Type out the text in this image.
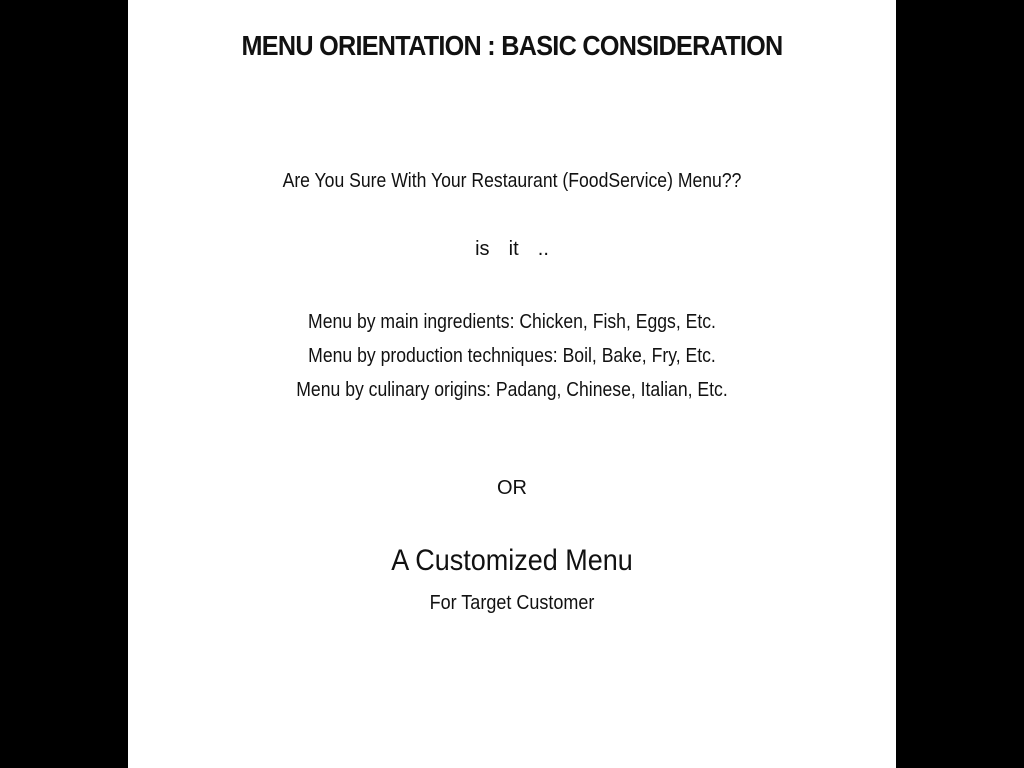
MENU ORIENTATION : BASIC CONSIDERATION
Are You Sure With Your Restaurant (FoodService) Menu??
is  it  ..
Menu by main ingredients: Chicken, Fish, Eggs, Etc.
Menu by production techniques: Boil, Bake, Fry, Etc.
Menu by culinary origins: Padang, Chinese, Italian, Etc.
OR
A Customized Menu
For Target Customer
